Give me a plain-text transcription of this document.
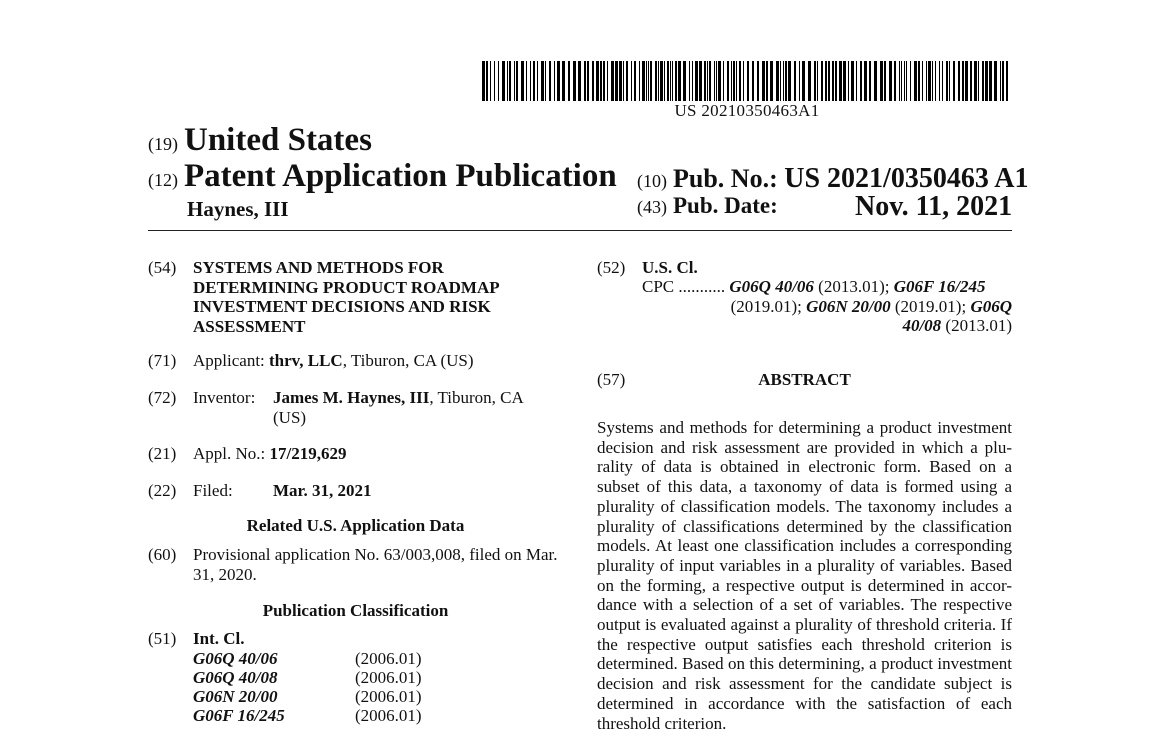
US 20210350463A1
(19) United States
(12) Patent Application Publication
Haynes, III
(10) Pub. No.: US 2021/0350463 A1
(43) Pub. Date:	Nov. 11, 2021
(54) SYSTEMS AND METHODS FOR
DETERMINING PRODUCT ROADMAP
INVESTMENT DECISIONS AND RISK
ASSESSMENT
(71) Applicant: thrv, LLC, Tiburon, CA (US)
(72) Inventor: James M. Haynes, III, Tiburon, CA
(US)
(21) Appl. No.: 17/219,629
(22) Filed: Mar. 31, 2021
Related U.S. Application Data
(60) Provisional application No. 63/003,008, filed on Mar.
31, 2020.
Publication Classification
(51) Int. Cl.
G06Q 40/06	(2006.01)
G06Q 40/08	(2006.01)
G06N 20/00	(2006.01)
G06F 16/245	(2006.01)
(52) U.S. Cl.
CPC ........... G06Q 40/06 (2013.01); G06F 16/245
(2019.01); G06N 20/00 (2019.01); G06Q
40/08 (2013.01)
(57)	ABSTRACT
Systems and methods for determining a product investment decision and risk assessment are provided in which a plu-rality of data is obtained in electronic form. Based on a subset of this data, a taxonomy of data is formed using a plurality of classification models. The taxonomy includes a plurality of classifications determined by the classification models. At least one classification includes a corresponding plurality of input variables in a plurality of variables. Based on the forming, a respective output is determined in accor-dance with a selection of a set of variables. The respective output is evaluated against a plurality of threshold criteria. If the respective output satisfies each threshold criterion is determined. Based on this determining, a product investment decision and risk assessment for the candidate subject is determined in accordance with the satisfaction of each threshold criterion.
